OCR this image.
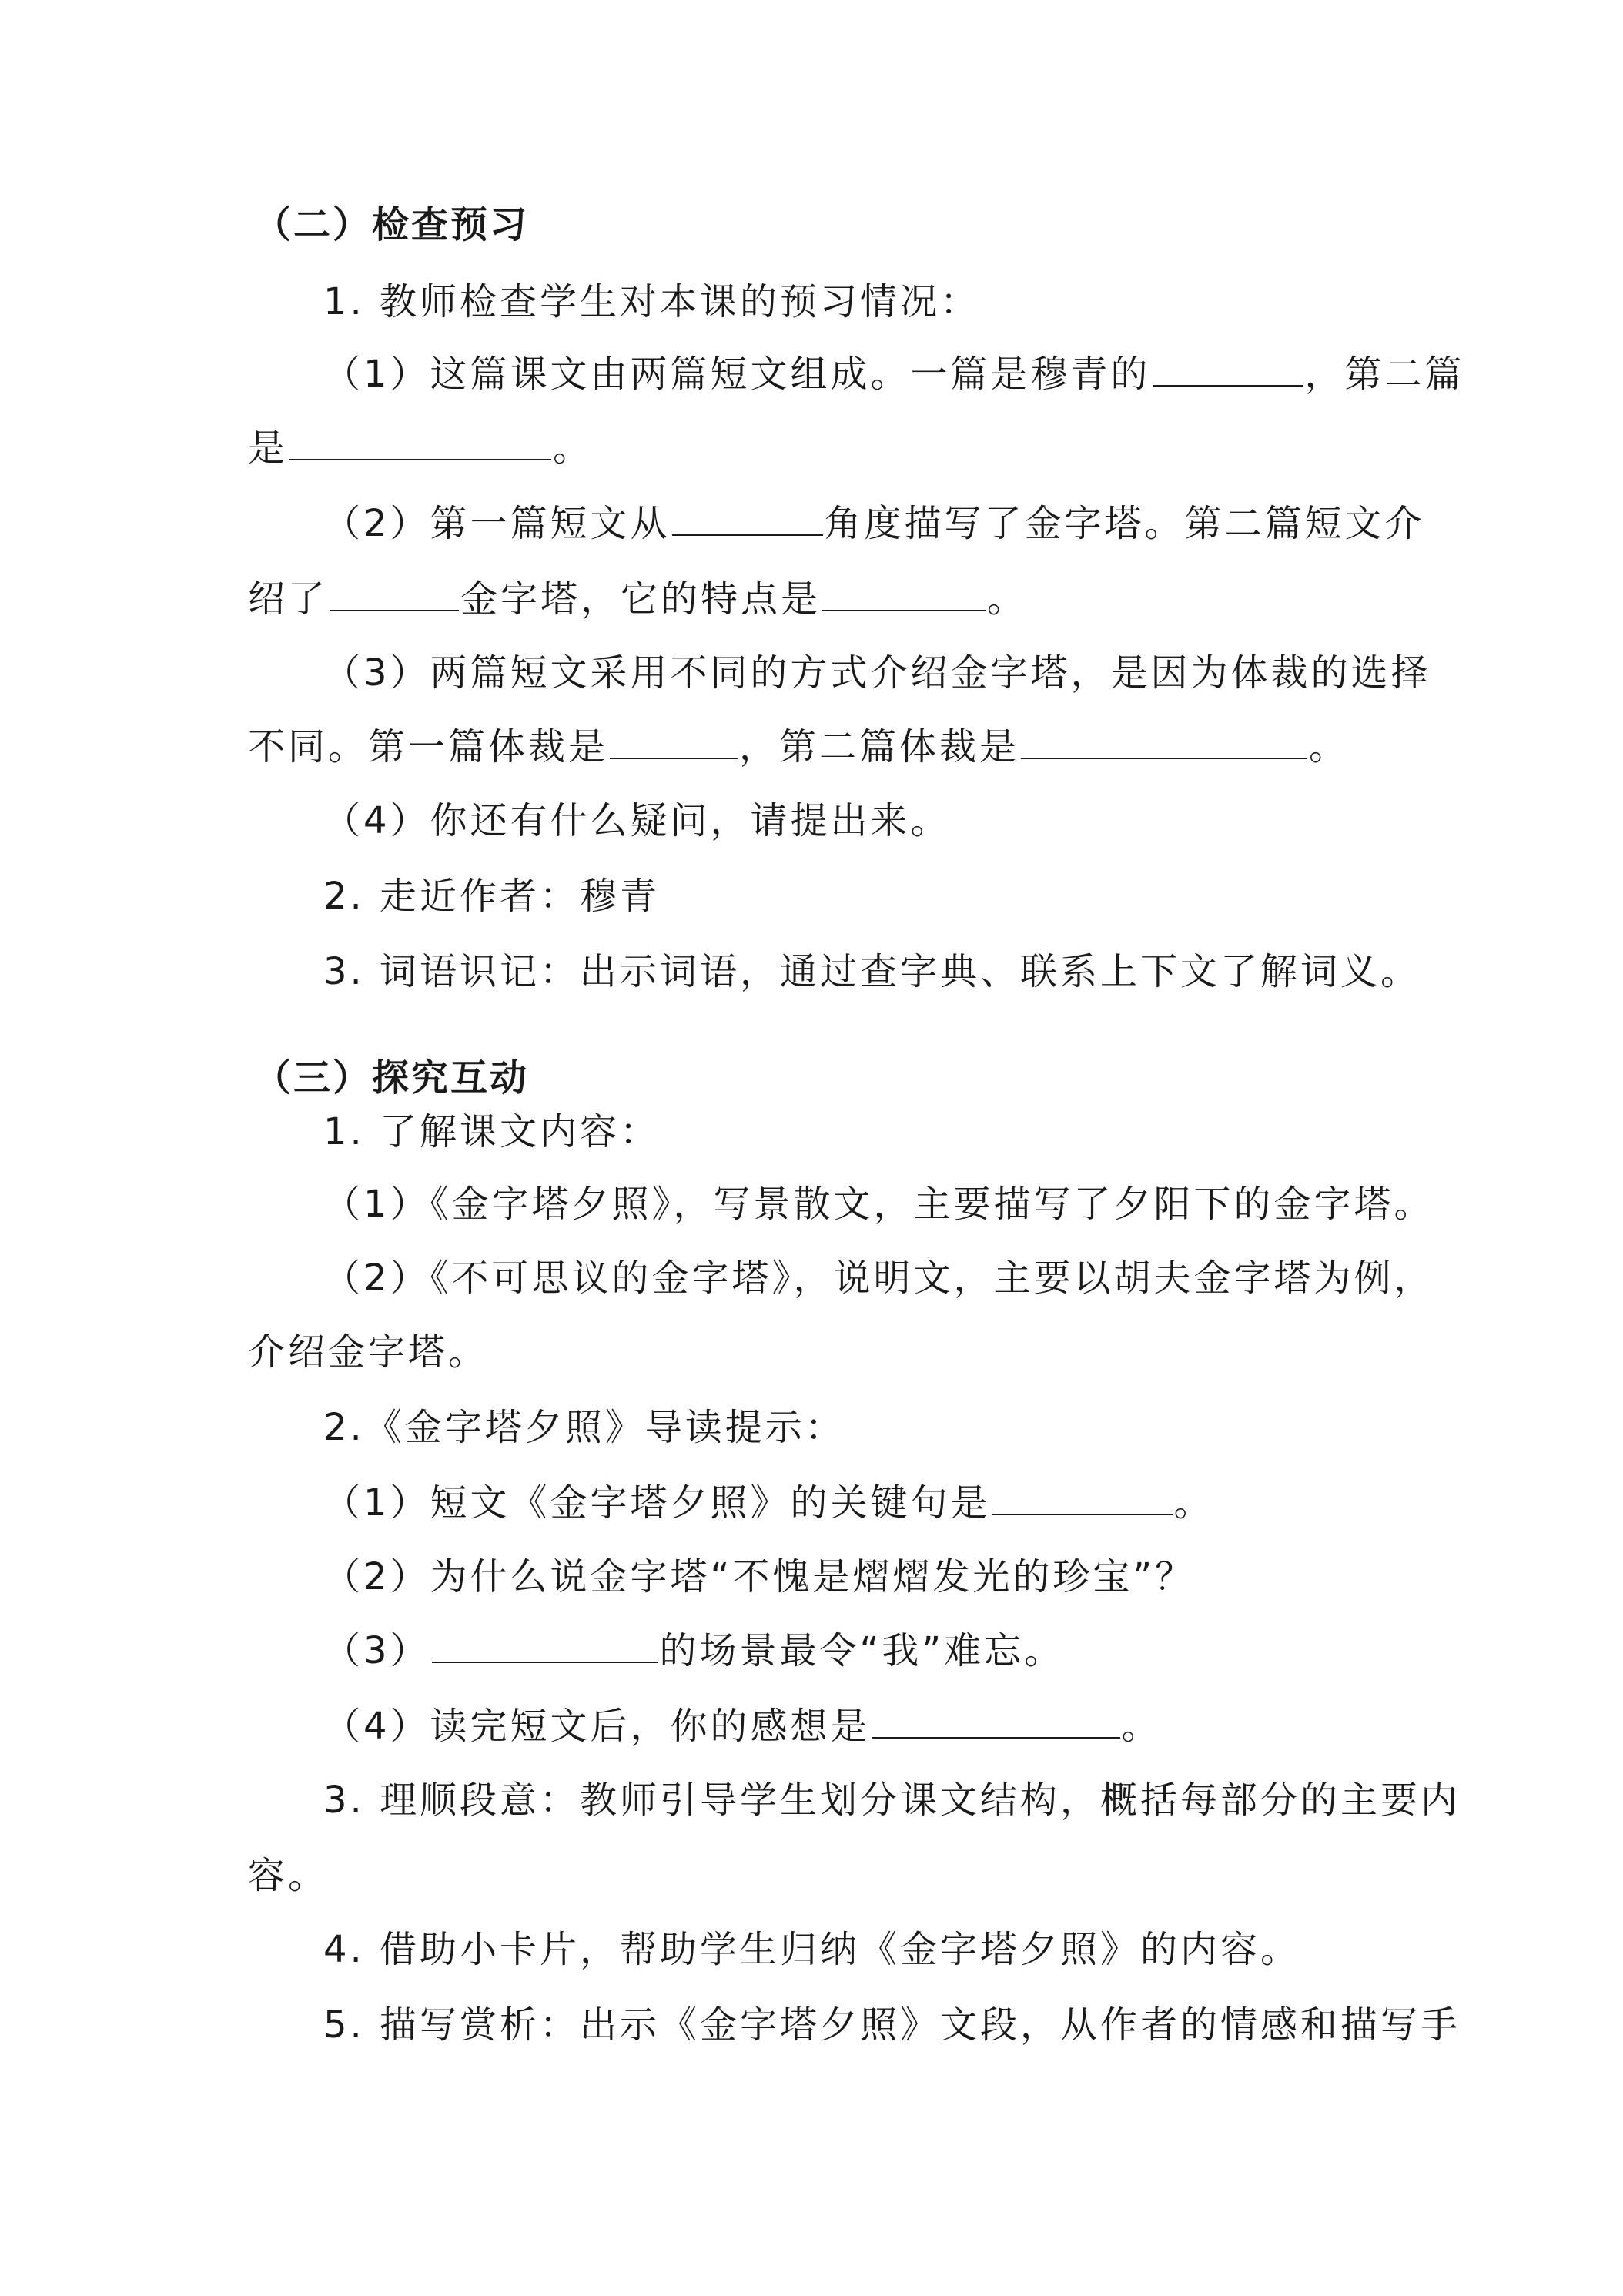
（二）检查预习
1. 教师检查学生对本课的预习情况：
（1）这篇课文由两篇短文组成。一篇是穆青的	，第二篇
是	。
（2）第一篇短文从	角度描写了金字塔。第二篇短文介
绍了	金字塔，它的特点是	。
（3）两篇短文采用不同的方式介绍金字塔，是因为体裁的选择
不同。第一篇体裁是	，第二篇体裁是	。
（4）你还有什么疑问，请提出来。
2. 走近作者：穆青
3. 词语识记：出示词语，通过查字典、联系上下文了解词义。
（三）探究互动
1. 了解课文内容：
（1）《金字塔夕照》，写景散文，主要描写了夕阳下的金字塔。
（2）《不可思议的金字塔》，说明文，主要以胡夫金字塔为例，
介绍金字塔。
2.《金字塔夕照》导读提示：
（1）短文《金字塔夕照》的关键句是	。
（2）为什么说金字塔“不愧是熠熠发光的珍宝”？
（3）	的场景最令“我”难忘。
（4）读完短文后，你的感想是	。
3. 理顺段意：教师引导学生划分课文结构，概括每部分的主要内
容。
4. 借助小卡片，帮助学生归纳《金字塔夕照》的内容。
5. 描写赏析：出示《金字塔夕照》文段，从作者的情感和描写手
